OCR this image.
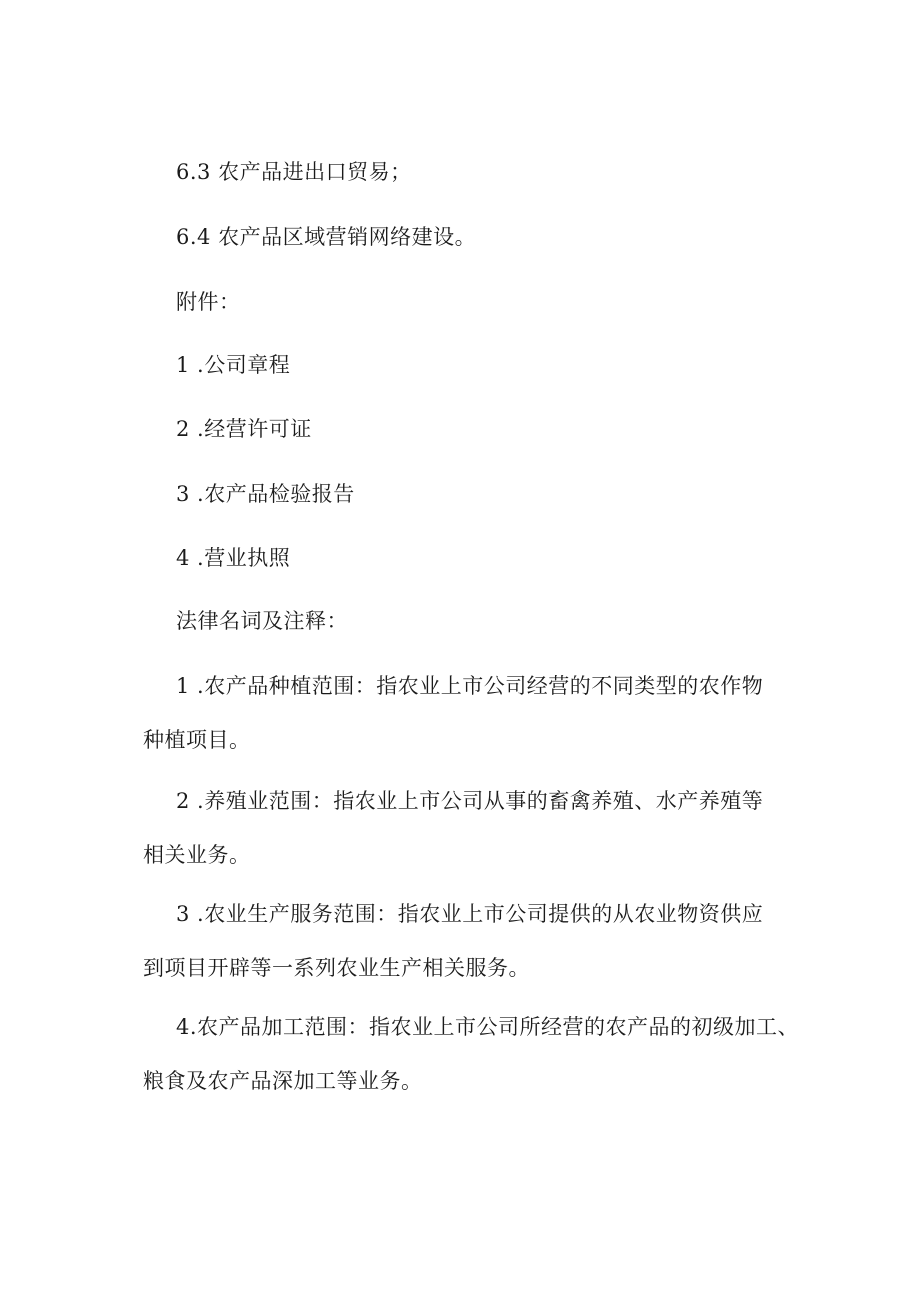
6.3 农产品进出口贸易；
6.4 农产品区域营销网络建设。
附件：
1 .公司章程
2 .经营许可证
3 .农产品检验报告
4 .营业执照
法律名词及注释：
1 .农产品种植范围：指农业上市公司经营的不同类型的农作物
种植项目。
2 .养殖业范围：指农业上市公司从事的畜禽养殖、水产养殖等
相关业务。
3 .农业生产服务范围：指农业上市公司提供的从农业物资供应
到项目开辟等一系列农业生产相关服务。
4.农产品加工范围：指农业上市公司所经营的农产品的初级加工、
粮食及农产品深加工等业务。
